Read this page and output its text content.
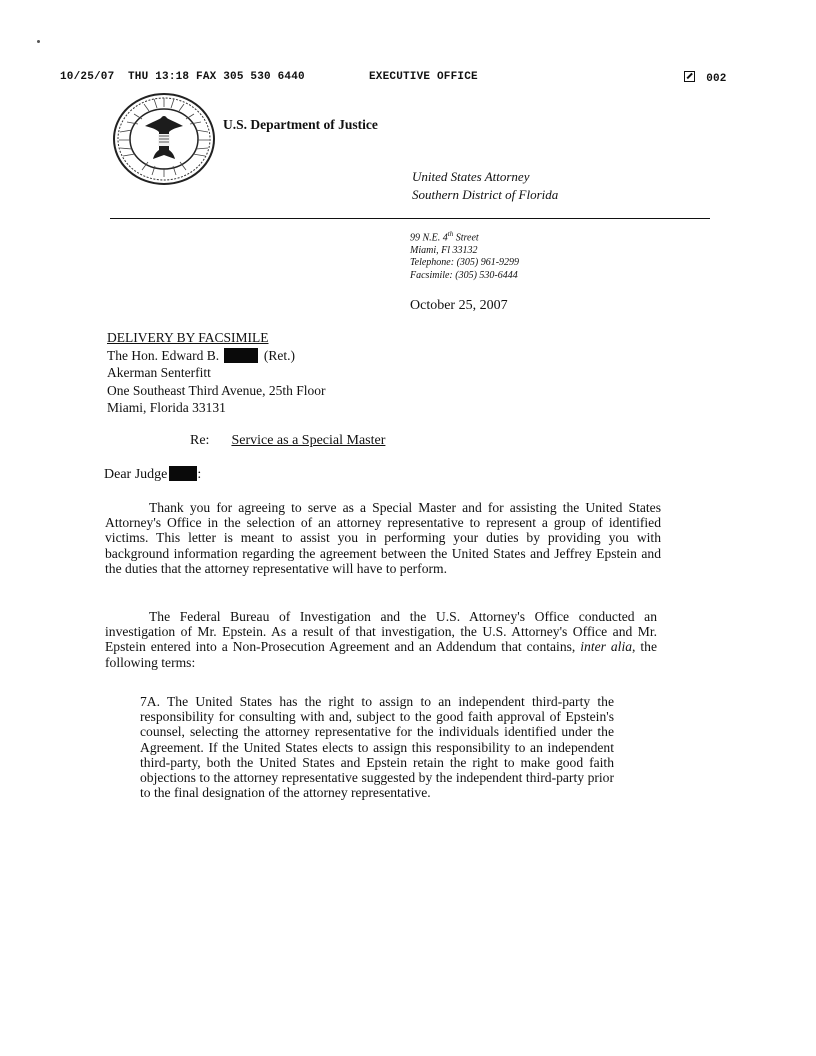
10/25/07  THU 13:18 FAX 305 530 6440	EXECUTIVE OFFICE	 002
U.S. Department of Justice
United States Attorney
Southern District of Florida
99 N.E. 4th Street
Miami, Fl 33132
Telephone: (305) 961-9299
Facsimile: (305) 530-6444
October 25, 2007
DELIVERY BY FACSIMILE
The Hon. Edward B.	(Ret.)
Akerman Senterfitt
One Southeast Third Avenue, 25th Floor
Miami, Florida 33131
Re: Service as a Special Master
Dear Judge :
Thank you for agreeing to serve as a Special Master and for assisting the United States Attorney's Office in the selection of an attorney representative to represent a group of identified victims. This letter is meant to assist you in performing your duties by providing you with background information regarding the agreement between the United States and Jeffrey Epstein and the duties that the attorney representative will have to perform.
The Federal Bureau of Investigation and the U.S. Attorney's Office conducted an investigation of Mr. Epstein. As a result of that investigation, the U.S. Attorney's Office and Mr. Epstein entered into a Non-Prosecution Agreement and an Addendum that contains, inter alia, the following terms:
7A. The United States has the right to assign to an independent third-party the responsibility for consulting with and, subject to the good faith approval of Epstein's counsel, selecting the attorney representative for the individuals identified under the Agreement. If the United States elects to assign this responsibility to an independent third-party, both the United States and Epstein retain the right to make good faith objections to the attorney representative suggested by the independent third-party prior to the final designation of the attorney representative.
